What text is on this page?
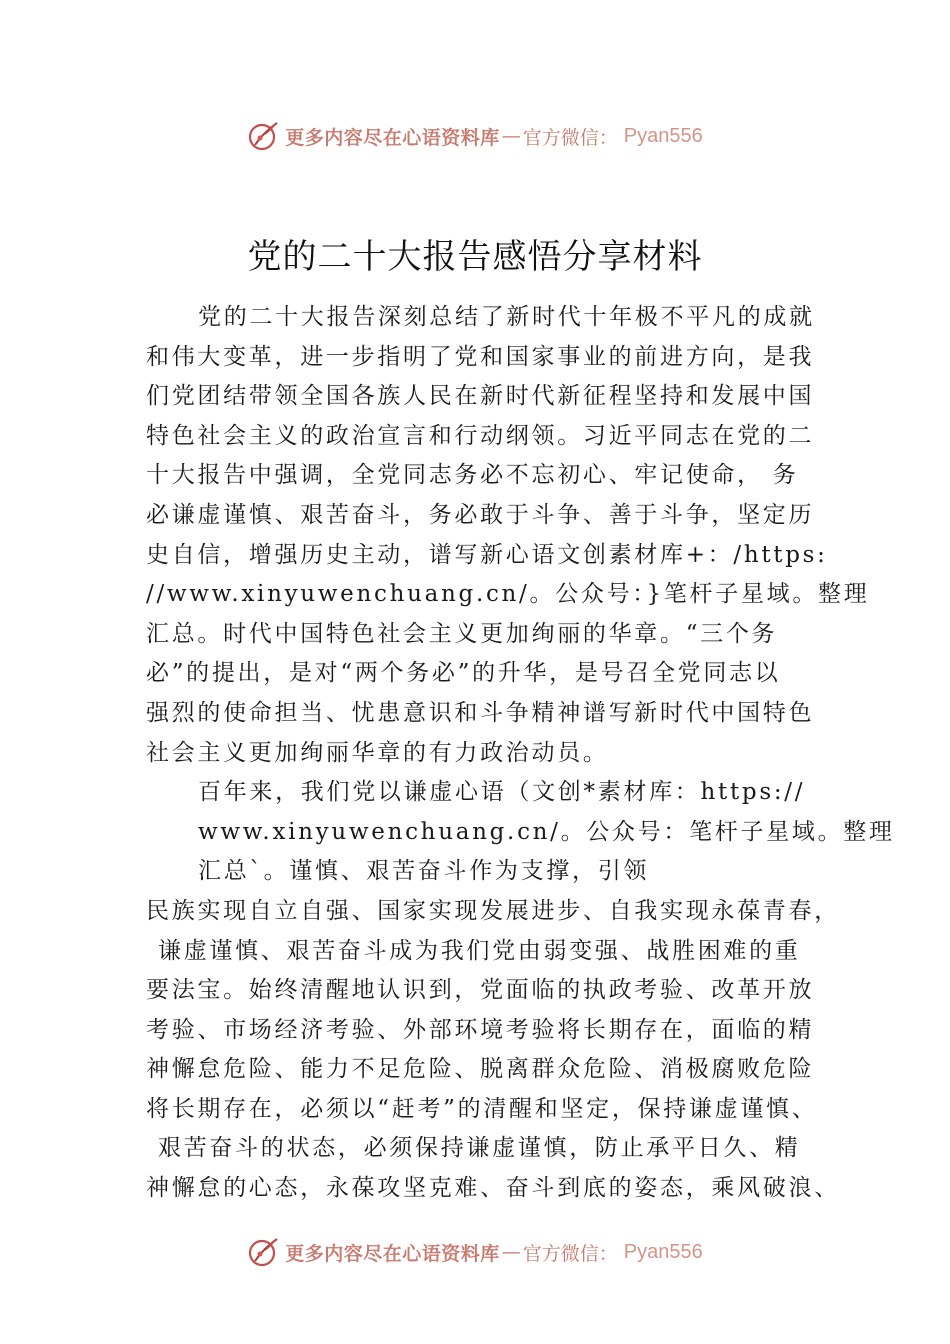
更多内容尽在心语资料库 — 官方微信： Pyan556
党的二十大报告感悟分享材料
党的二十大报告深刻总结了新时代十年极不平凡的成就
和伟大变革，进一步指明了党和国家事业的前进方向，是我
们党团结带领全国各族人民在新时代新征程坚持和发展中国
特色社会主义的政治宣言和行动纲领。习近平同志在党的二
十大报告中强调，全党同志务必不忘初心、牢记使命， 务
必谦虚谨慎、艰苦奋斗，务必敢于斗争、善于斗争，坚定历
史自信，增强历史主动，谱写新心语文创素材库+：/https:
//www.xinyuwenchuang.cn/。公众号：}笔杆子星域。整理
汇总。时代中国特色社会主义更加绚丽的华章。“三个务
必”的提出，是对“两个务必”的升华，是号召全党同志以
强烈的使命担当、忧患意识和斗争精神谱写新时代中国特色
社会主义更加绚丽华章的有力政治动员。
百年来，我们党以谦虚心语（文创*素材库：https://
www.xinyuwenchuang.cn/。公众号：笔杆子星域。整理
汇总`。谨慎、艰苦奋斗作为支撑，引领
民族实现自立自强、国家实现发展进步、自我实现永葆青春，
谦虚谨慎、艰苦奋斗成为我们党由弱变强、战胜困难的重
要法宝。始终清醒地认识到，党面临的执政考验、改革开放
考验、市场经济考验、外部环境考验将长期存在，面临的精
神懈怠危险、能力不足危险、脱离群众危险、消极腐败危险
将长期存在，必须以“赶考”的清醒和坚定，保持谦虚谨慎、
艰苦奋斗的状态，必须保持谦虚谨慎，防止承平日久、精
神懈怠的心态，永葆攻坚克难、奋斗到底的姿态，乘风破浪、
更多内容尽在心语资料库 — 官方微信： Pyan556
